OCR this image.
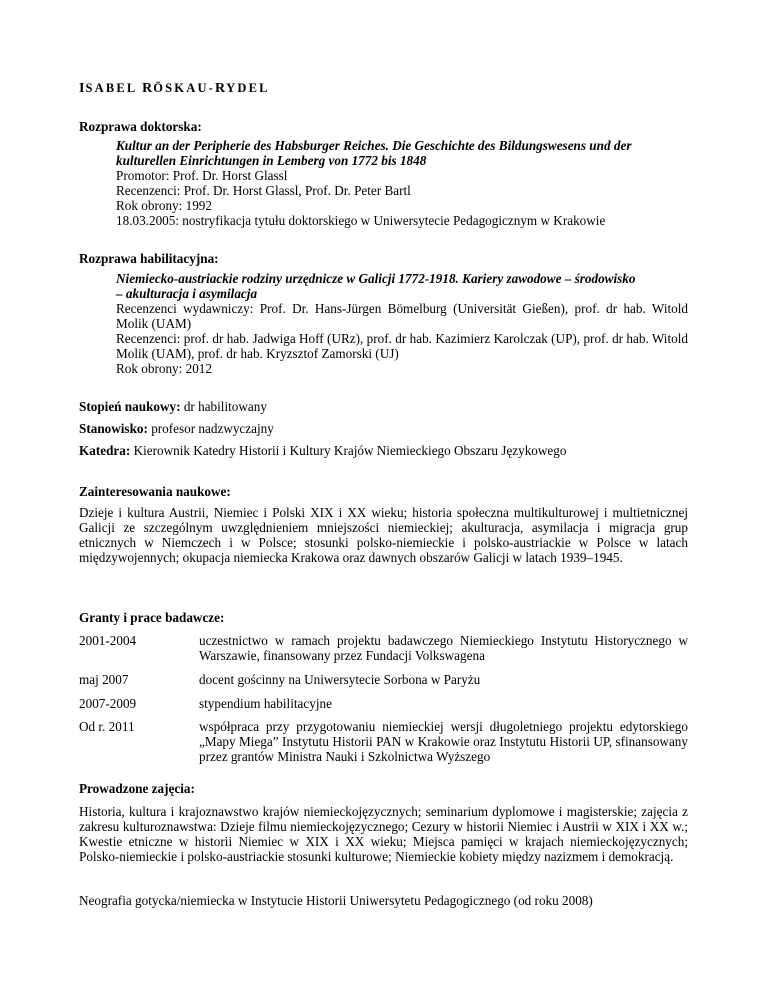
ISABEL RÖSKAU-RYDEL
Rozprawa doktorska:
Kultur an der Peripherie des Habsburger Reiches. Die Geschichte des Bildungswesens und der
kulturellen Einrichtungen in Lemberg von 1772 bis 1848
Promotor: Prof. Dr. Horst Glassl
Recenzenci: Prof. Dr. Horst Glassl, Prof. Dr. Peter Bartl
Rok obrony: 1992
18.03.2005: nostryfikacja tytułu doktorskiego w Uniwersytecie Pedagogicznym w Krakowie
Rozprawa habilitacyjna:
Niemiecko-austriackie rodziny urzędnicze w Galicji 1772-1918. Kariery zawodowe – środowisko
– akulturacja i asymilacja
Recenzenci wydawniczy: Prof. Dr. Hans-Jürgen Bömelburg (Universität Gießen), prof. dr hab. Witold Molik (UAM)
Recenzenci: prof. dr hab. Jadwiga Hoff (URz), prof. dr hab. Kazimierz Karolczak (UP), prof. dr hab. Witold Molik (UAM), prof. dr hab. Kryzsztof Zamorski (UJ)
Rok obrony: 2012
Stopień naukowy: dr habilitowany
Stanowisko: profesor nadzwyczajny
Katedra: Kierownik Katedry Historii i Kultury Krajów Niemieckiego Obszaru Językowego
Zainteresowania naukowe:
Dzieje i kultura Austrii, Niemiec i Polski XIX i XX wieku; historia społeczna multikulturowej i multietnicznej Galicji ze szczególnym uwzględnieniem mniejszości niemieckiej; akulturacja, asymilacja i migracja grup etnicznych w Niemczech i w Polsce; stosunki polsko-niemieckie i polsko-austriackie w Polsce w latach międzywojennych; okupacja niemiecka Krakowa oraz dawnych obszarów Galicji w latach 1939–1945.
Granty i prace badawcze:
2001-2004	uczestnictwo w ramach projektu badawczego Niemieckiego Instytutu Historycznego w Warszawie, finansowany przez Fundacji Volkswagena
maj 2007	docent gościnny na Uniwersytecie Sorbona w Paryżu
2007-2009	stypendium habilitacyjne
Od r. 2011	współpraca przy przygotowaniu niemieckiej wersji długoletniego projektu edytorskiego „Mapy Miega” Instytutu Historii PAN w Krakowie oraz Instytutu Historii UP, sfinansowany przez grantów Ministra Nauki i Szkolnictwa Wyższego
Prowadzone zajęcia:
Historia, kultura i krajoznawstwo krajów niemieckojęzycznych; seminarium dyplomowe i magisterskie; zajęcia z zakresu kulturoznawstwa: Dzieje filmu niemieckojęzycznego; Cezury w historii Niemiec i Austrii w XIX i XX w.; Kwestie etniczne w historii Niemiec w XIX i XX wieku; Miejsca pamięci w krajach niemieckojęzycznych; Polsko-niemieckie i polsko-austriackie stosunki kulturowe; Niemieckie kobiety między nazizmem i demokracją.
Neografia gotycka/niemiecka w Instytucie Historii Uniwersytetu Pedagogicznego (od roku 2008)
